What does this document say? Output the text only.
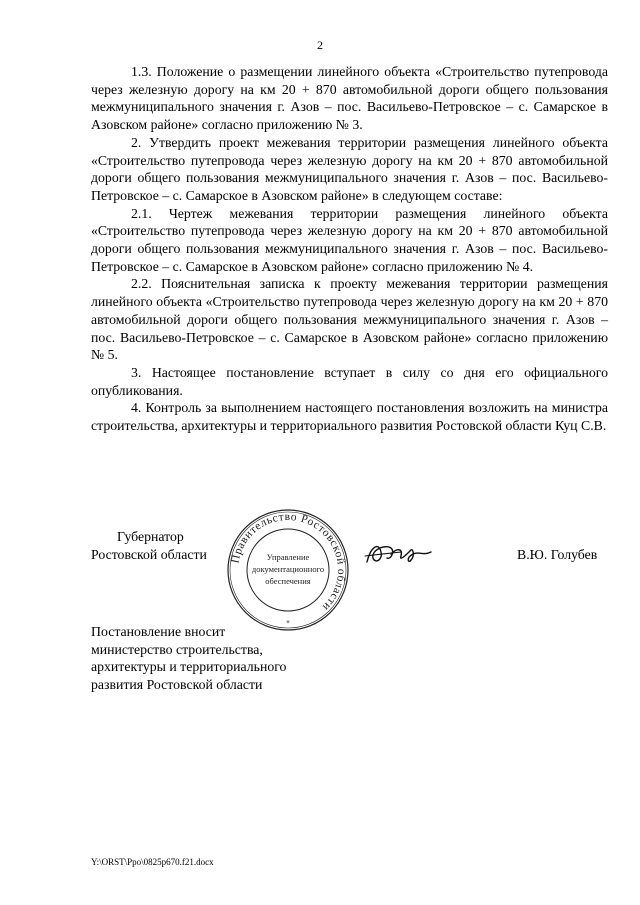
2

1.3. Положение о размещении линейного объекта «Строительство путепровода через железную дорогу на км 20 + 870 автомобильной дороги общего пользования межмуниципального значения г. Азов – пос. Васильево-Петровское – с. Самарское в Азовском районе» согласно приложению № 3.

2. Утвердить проект межевания территории размещения линейного объекта «Строительство путепровода через железную дорогу на км 20 + 870 автомобильной дороги общего пользования межмуниципального значения г. Азов – пос. Васильево-Петровское – с. Самарское в Азовском районе» в следующем составе:

2.1. Чертеж межевания территории размещения линейного объекта «Строительство путепровода через железную дорогу на км 20 + 870 автомобильной дороги общего пользования межмуниципального значения г. Азов – пос. Васильево-Петровское – с. Самарское в Азовском районе» согласно приложению № 4.

2.2. Пояснительная записка к проекту межевания территории размещения линейного объекта «Строительство путепровода через железную дорогу на км 20 + 870 автомобильной дороги общего пользования межмуниципального значения г. Азов – пос. Васильево-Петровское – с. Самарское в Азовском районе» согласно приложению № 5.

3. Настоящее постановление вступает в силу со дня его официального опубликования.

4. Контроль за выполнением настоящего постановления возложить на министра строительства, архитектуры и территориального развития Ростовской области Куц С.В.

Губернатор
Ростовской области Правительство Ростовской области
Управление
документационного
обеспечения
*
В.Ю. Голубев
Постановление вносит
министерство строительства,
архитектуры и территориального
развития Ростовской области
Y:\ORST\Ppo\0825p670.f21.docx
